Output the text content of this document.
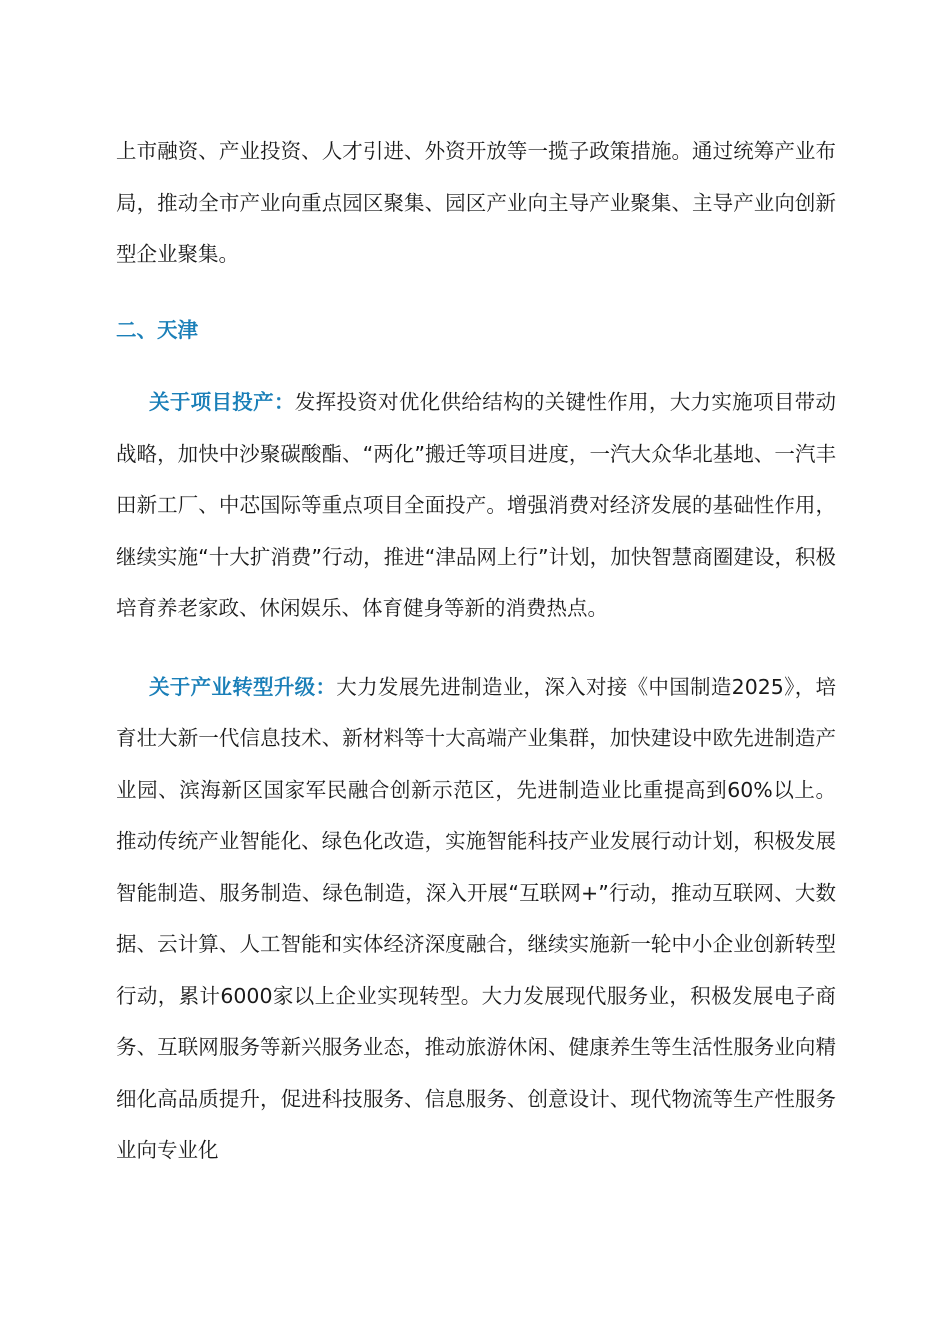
上市融资、产业投资、人才引进、外资开放等一揽子政策措施。通过统筹产业布局，推动全市产业向重点园区聚集、园区产业向主导产业聚集、主导产业向创新型企业聚集。

二、天津

关于项目投产：发挥投资对优化供给结构的关键性作用，大力实施项目带动战略，加快中沙聚碳酸酯、“两化”搬迁等项目进度，一汽大众华北基地、一汽丰田新工厂、中芯国际等重点项目全面投产。增强消费对经济发展的基础性作用，继续实施“十大扩消费”行动，推进“津品网上行”计划，加快智慧商圈建设，积极培育养老家政、休闲娱乐、体育健身等新的消费热点。

关于产业转型升级：大力发展先进制造业，深入对接《中国制造2025》，培育壮大新一代信息技术、新材料等十大高端产业集群，加快建设中欧先进制造产业园、滨海新区国家军民融合创新示范区，先进制造业比重提高到60%以上。推动传统产业智能化、绿色化改造，实施智能科技产业发展行动计划，积极发展智能制造、服务制造、绿色制造，深入开展“互联网+”行动，推动互联网、大数据、云计算、人工智能和实体经济深度融合，继续实施新一轮中小企业创新转型行动，累计6000家以上企业实现转型。大力发展现代服务业，积极发展电子商务、互联网服务等新兴服务业态，推动旅游休闲、健康养生等生活性服务业向精细化高品质提升，促进科技服务、信息服务、创意设计、现代物流等生产性服务业向专业化
